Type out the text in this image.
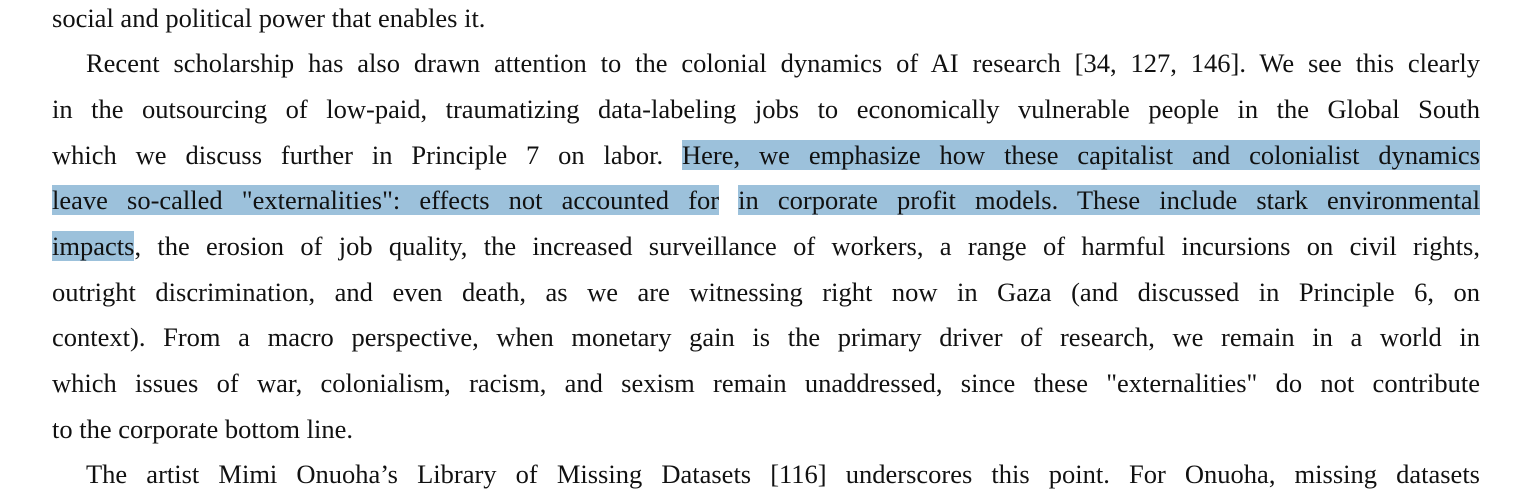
social and political power that enables it.
Recent scholarship has also drawn attention to the colonial dynamics of AI research [34, 127, 146]. We see this clearly
in the outsourcing of low-paid, traumatizing data-labeling jobs to economically vulnerable people in the Global South
which we discuss further in Principle 7 on labor. Here, we emphasize how these capitalist and colonialist dynamics
leave so-called "externalities": effects not accounted for in corporate profit models. These include stark environmental
impacts, the erosion of job quality, the increased surveillance of workers, a range of harmful incursions on civil rights,
outright discrimination, and even death, as we are witnessing right now in Gaza (and discussed in Principle 6, on
context). From a macro perspective, when monetary gain is the primary driver of research, we remain in a world in
which issues of war, colonialism, racism, and sexism remain unaddressed, since these "externalities" do not contribute
to the corporate bottom line.
The artist Mimi Onuoha’s Library of Missing Datasets [116] underscores this point. For Onuoha, missing datasets
